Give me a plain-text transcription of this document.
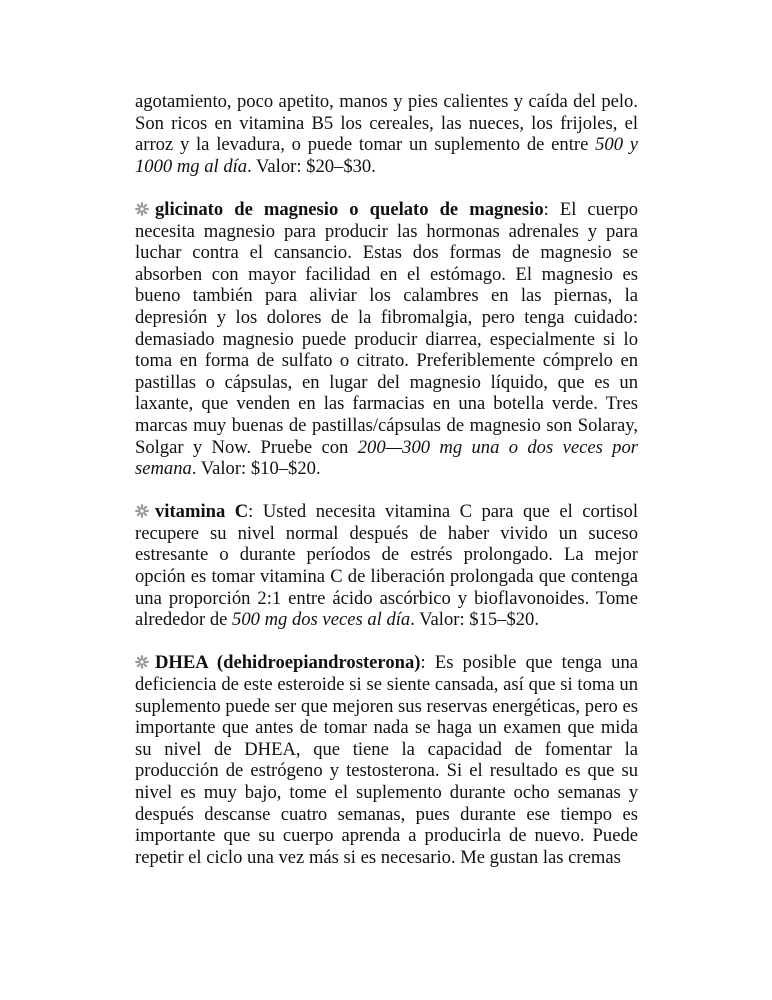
agotamiento, poco apetito, manos y pies calientes y caída del pelo. Son ricos en vitamina B5 los cereales, las nueces, los frijoles, el arroz y la levadura, o puede tomar un suplemento de entre 500 y 1000 mg al día. Valor: $20–$30.

glicinato de magnesio o quelato de magnesio: El cuerpo necesita magnesio para producir las hormonas adrenales y para luchar contra el cansancio. Estas dos formas de magnesio se absorben con mayor facilidad en el estómago. El magnesio es bueno también para aliviar los calambres en las piernas, la depresión y los dolores de la fibromalgia, pero tenga cuidado: demasiado magnesio puede producir diarrea, especialmente si lo toma en forma de sulfato o citrato. Preferiblemente cómprelo en pastillas o cápsulas, en lugar del magnesio líquido, que es un laxante, que venden en las farmacias en una botella verde. Tres marcas muy buenas de pastillas/cápsulas de magnesio son Solaray, Solgar y Now. Pruebe con 200—300 mg una o dos veces por semana. Valor: $10–$20.

vitamina C: Usted necesita vitamina C para que el cortisol recupere su nivel normal después de haber vivido un suceso estresante o durante períodos de estrés prolongado. La mejor opción es tomar vitamina C de liberación prolongada que contenga una proporción 2:1 entre ácido ascórbico y bioflavonoides. Tome alrededor de 500 mg dos veces al día. Valor: $15–$20.

DHEA (dehidroepiandrosterona): Es posible que tenga una deficiencia de este esteroide si se siente cansada, así que si toma un suplemento puede ser que mejoren sus reservas energéticas, pero es importante que antes de tomar nada se haga un examen que mida su nivel de DHEA, que tiene la capacidad de fomentar la producción de estrógeno y testosterona. Si el resultado es que su nivel es muy bajo, tome el suplemento durante ocho semanas y después descanse cuatro semanas, pues durante ese tiempo es importante que su cuerpo aprenda a producirla de nuevo. Puede repetir el ciclo una vez más si es necesario. Me gustan las cremas
